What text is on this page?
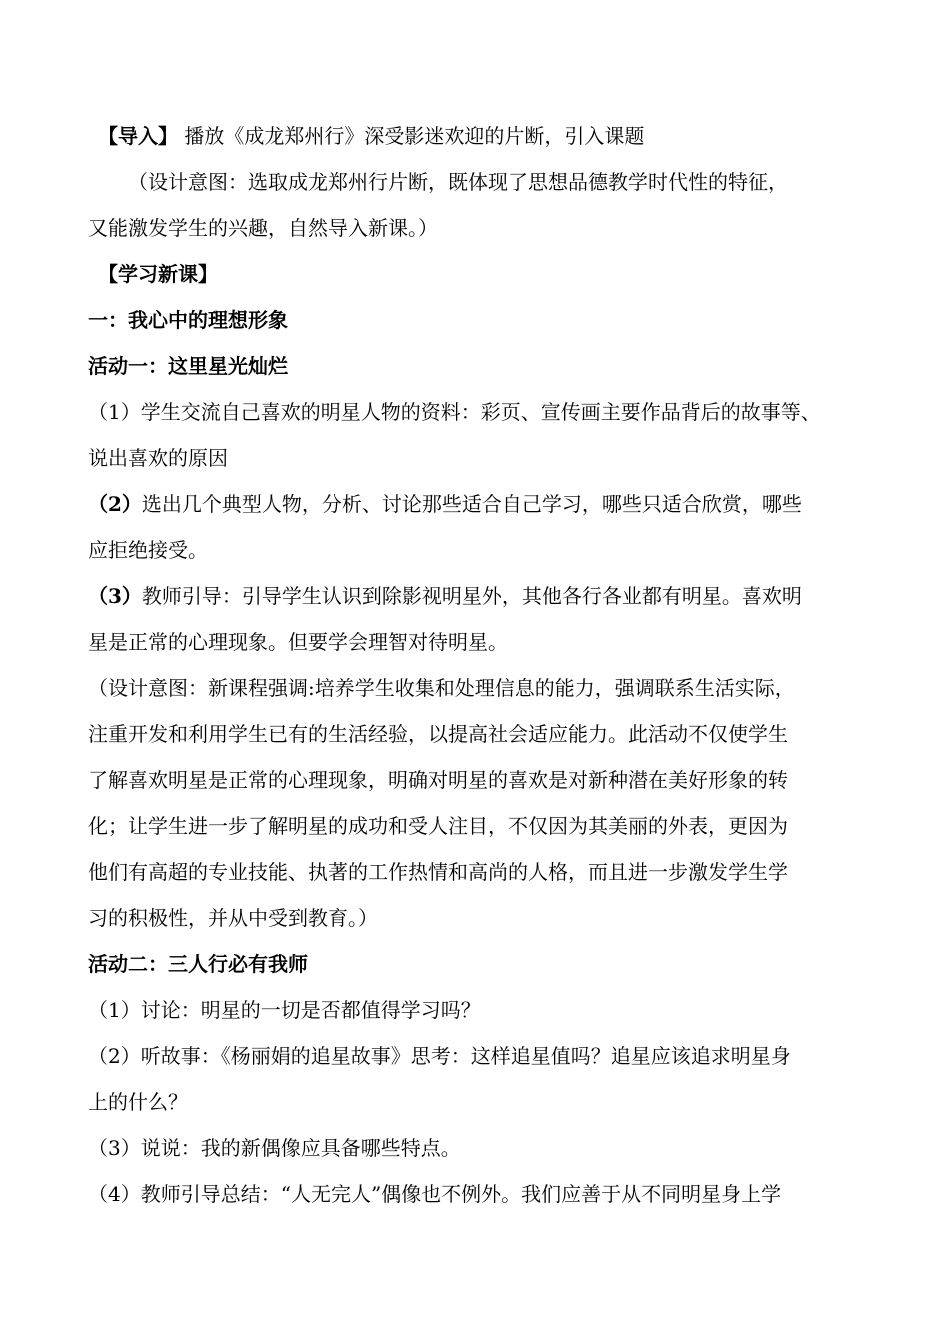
【导入】 播放《成龙郑州行》深受影迷欢迎的片断，引入课题
（设计意图：选取成龙郑州行片断，既体现了思想品德教学时代性的特征，
又能激发学生的兴趣，自然导入新课。）
【学习新课】
一：我心中的理想形象
活动一：这里星光灿烂
（1）学生交流自己喜欢的明星人物的资料：彩页、宣传画主要作品背后的故事等、
说出喜欢的原因
（2）选出几个典型人物，分析、讨论那些适合自己学习，哪些只适合欣赏，哪些
应拒绝接受。
（3）教师引导：引导学生认识到除影视明星外，其他各行各业都有明星。喜欢明
星是正常的心理现象。但要学会理智对待明星。
（设计意图：新课程强调:培养学生收集和处理信息的能力，强调联系生活实际，
注重开发和利用学生已有的生活经验，以提高社会适应能力。此活动不仅使学生
了解喜欢明星是正常的心理现象，明确对明星的喜欢是对新种潜在美好形象的转
化；让学生进一步了解明星的成功和受人注目，不仅因为其美丽的外表，更因为
他们有高超的专业技能、执著的工作热情和高尚的人格，而且进一步激发学生学
习的积极性，并从中受到教育。）
活动二：三人行必有我师
（1）讨论：明星的一切是否都值得学习吗？
（2）听故事：《杨丽娟的追星故事》思考：这样追星值吗？追星应该追求明星身
上的什么？
（3）说说：我的新偶像应具备哪些特点。
（4）教师引导总结：“人无完人”偶像也不例外。我们应善于从不同明星身上学
